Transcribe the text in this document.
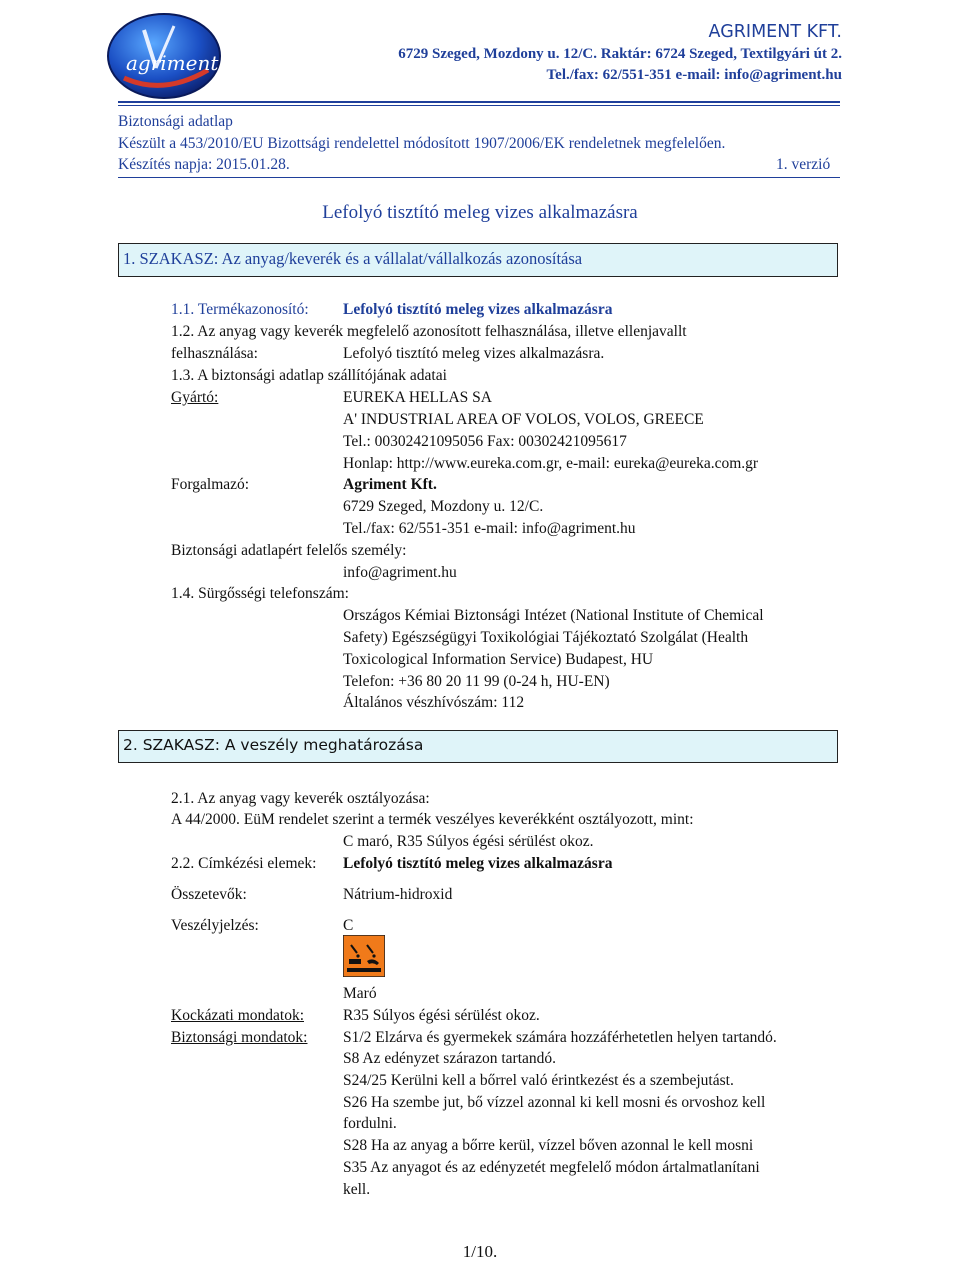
agriment
AGRIMENT KFT.
6729 Szeged, Mozdony u. 12/C. Raktár: 6724 Szeged, Textilgyári út 2.
Tel./fax: 62/551-351 e-mail: info@agriment.hu
Biztonsági adatlap
Készült a 453/2010/EU Bizottsági rendelettel módosított 1907/2006/EK rendeletnek megfelelően.
Készítés napja: 2015.01.28.	1. verzió
Lefolyó tisztító meleg vizes alkalmazásra
1. SZAKASZ: Az anyag/keverék és a vállalat/vállalkozás azonosítása
1.1. Termékazonosító: Lefolyó tisztító meleg vizes alkalmazásra
1.2. Az anyag vagy keverék megfelelő azonosított felhasználása, illetve ellenjavallt
felhasználása:	Lefolyó tisztító meleg vizes alkalmazásra.
1.3. A biztonsági adatlap szállítójának adatai
Gyártó:	EUREKA HELLAS SA
A' INDUSTRIAL AREA OF VOLOS, VOLOS, GREECE
Tel.: 00302421095056 Fax: 00302421095617
Honlap: http://www.eureka.com.gr, e-mail: eureka@eureka.com.gr
Forgalmazó:	Agriment Kft.
6729 Szeged, Mozdony u. 12/C.
Tel./fax: 62/551-351 e-mail: info@agriment.hu
Biztonsági adatlapért felelős személy:
info@agriment.hu
1.4. Sürgősségi telefonszám:
Országos Kémiai Biztonsági Intézet (National Institute of Chemical
Safety) Egészségügyi Toxikológiai Tájékoztató Szolgálat (Health
Toxicological Information Service) Budapest, HU
Telefon: +36 80 20 11 99 (0-24 h, HU-EN)
Általános vészhívószám: 112
2. SZAKASZ: A veszély meghatározása
2.1. Az anyag vagy keverék osztályozása:
A 44/2000. EüM rendelet szerint a termék veszélyes keverékként osztályozott, mint:
C maró, R35 Súlyos égési sérülést okoz.
2.2. Címkézési elemek: Lefolyó tisztító meleg vizes alkalmazásra
Összetevők:	Nátrium-hidroxid
Veszélyjelzés:	C
Maró
Kockázati mondatok:	R35 Súlyos égési sérülést okoz.
Biztonsági mondatok: S1/2 Elzárva és gyermekek számára hozzáférhetetlen helyen tartandó.
S8 Az edényzet szárazon tartandó.
S24/25 Kerülni kell a bőrrel való érintkezést és a szembejutást.
S26 Ha szembe jut, bő vízzel azonnal ki kell mosni és orvoshoz kell
fordulni.
S28 Ha az anyag a bőrre kerül, vízzel bőven azonnal le kell mosni
S35 Az anyagot és az edényzetét megfelelő módon ártalmatlanítani
kell.
1/10.
